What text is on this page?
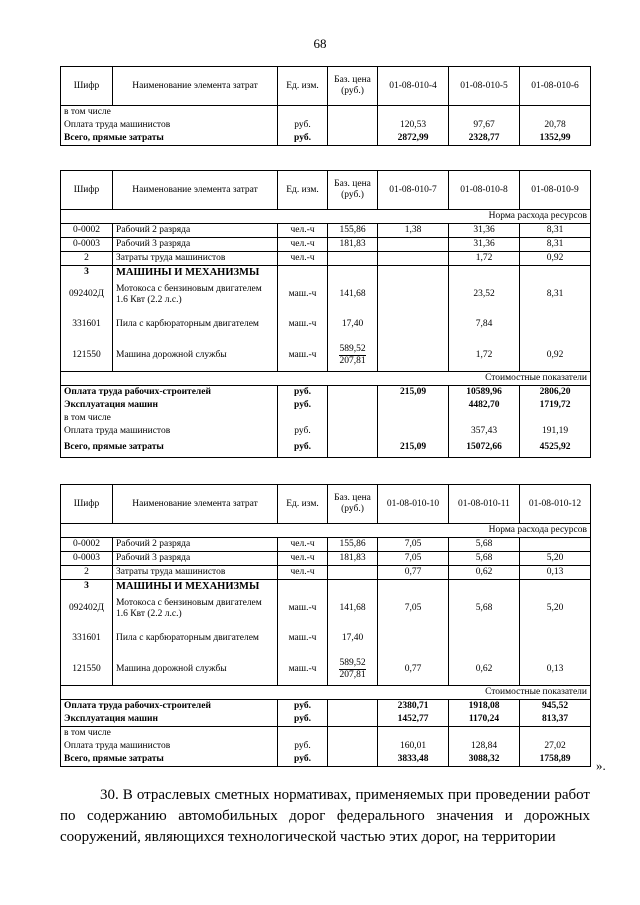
68
Шифр	Наименование элемента затрат	Ед. изм.	Баз. цена (руб.)	01-08-010-4	01-08-010-5	01-08-010-6
в том числе						
Оплата труда машинистов		руб.		120,53	97,67	20,78
Всего, прямые затраты		руб.		2872,99	2328,77	1352,99
Шифр	Наименование элемента затрат	Ед. изм.	Баз. цена (руб.)	01-08-010-7	01-08-010-8	01-08-010-9
Норма расхода ресурсов						
0-0002	Рабочий 2 разряда	чел.-ч	155,86	1,38	31,36	8,31
0-0003	Рабочий 3 разряда	чел.-ч	181,83		31,36	8,31
2	Затраты труда машинистов	чел.-ч			1,72	0,92
3	МАШИНЫ И МЕХАНИЗМЫ					
092402Д	Мотокоса с бензиновым двигателем 1.6 Квт (2.2 л.с.)	маш.-ч	141,68		23,52	8,31
331601	Пила с карбюраторным двигателем	маш.-ч	17,40		7,84	
121550	Машина дорожной службы	маш.-ч	589,52
207,81		1,72	0,92
Стоимостные показатели						
Оплата труда рабочих-строителей		руб.		215,09	10589,96	2806,20
Эксплуатация машин		руб.			4482,70	1719,72
в том числе						
Оплата труда машинистов		руб.			357,43	191,19
Всего, прямые затраты		руб.		215,09	15072,66	4525,92
Шифр	Наименование элемента затрат	Ед. изм.	Баз. цена (руб.)	01-08-010-10	01-08-010-11	01-08-010-12
Норма расхода ресурсов						
0-0002	Рабочий 2 разряда	чел.-ч	155,86	7,05	5,68	
0-0003	Рабочий 3 разряда	чел.-ч	181,83	7,05	5,68	5,20
2	Затраты труда машинистов	чел.-ч		0,77	0,62	0,13
3	МАШИНЫ И МЕХАНИЗМЫ					
092402Д	Мотокоса с бензиновым двигателем 1.6 Квт (2.2 л.с.)	маш.-ч	141,68	7,05	5,68	5,20
331601	Пила с карбюраторным двигателем	маш.-ч	17,40			
121550	Машина дорожной службы	маш.-ч	589,52
207,81	0,77	0,62	0,13
Стоимостные показатели						
Оплата труда рабочих-строителей		руб.		2380,71	1918,08	945,52
Эксплуатация машин		руб.		1452,77	1170,24	813,37
в том числе						
Оплата труда машинистов		руб.		160,01	128,84	27,02
Всего, прямые затраты		руб.		3833,48	3088,32	1758,89 ».

30. В отраслевых сметных нормативах, применяемых при проведении работ по содержанию автомобильных дорог федерального значения и дорожных сооружений, являющихся технологической частью этих дорог, на территории
